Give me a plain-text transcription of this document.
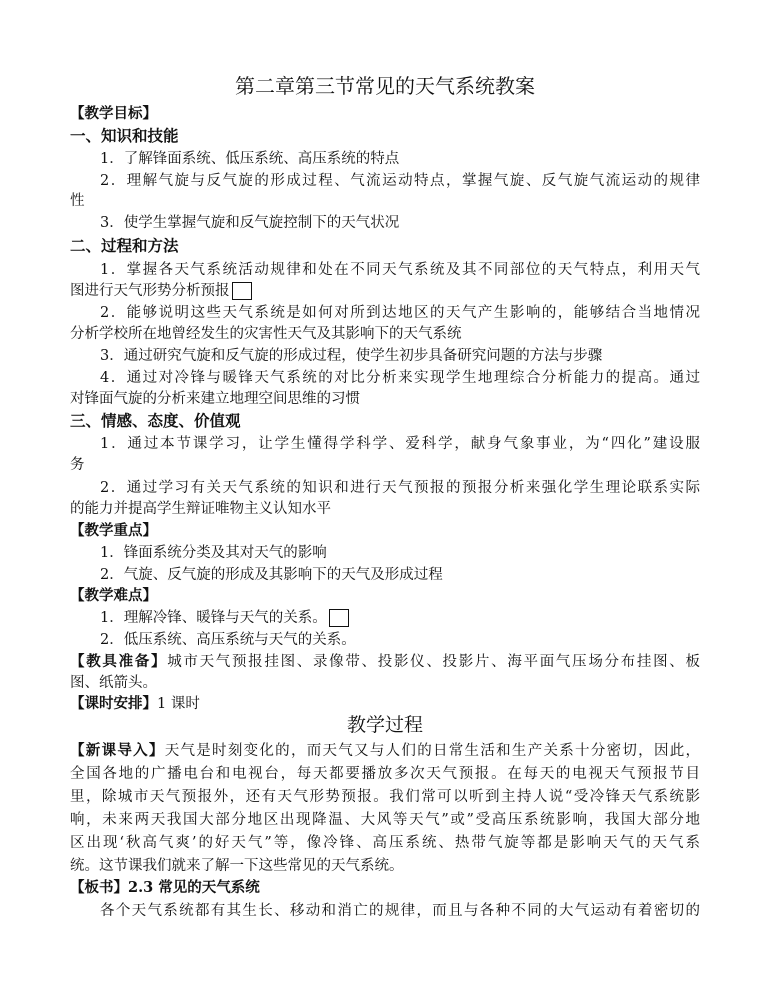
第二章第三节常见的天气系统教案
【教学目标】
一、知识和技能
1．了解锋面系统、低压系统、高压系统的特点
2．理解气旋与反气旋的形成过程、气流运动特点，掌握气旋、反气旋气流运动的规律
性
3．使学生掌握气旋和反气旋控制下的天气状况
二、过程和方法
1．掌握各天气系统活动规律和处在不同天气系统及其不同部位的天气特点，利用天气
图进行天气形势分析预报
2．能够说明这些天气系统是如何对所到达地区的天气产生影响的，能够结合当地情况
分析学校所在地曾经发生的灾害性天气及其影响下的天气系统
3．通过研究气旋和反气旋的形成过程，使学生初步具备研究问题的方法与步骤
4．通过对冷锋与暖锋天气系统的对比分析来实现学生地理综合分析能力的提高。通过
对锋面气旋的分析来建立地理空间思维的习惯
三、情感、态度、价值观
1．通过本节课学习，让学生懂得学科学、爱科学，献身气象事业，为“四化”建设服
务
2．通过学习有关天气系统的知识和进行天气预报的预报分析来强化学生理论联系实际
的能力并提高学生辩证唯物主义认知水平
【教学重点】
1．锋面系统分类及其对天气的影响
2．气旋、反气旋的形成及其影响下的天气及形成过程
【教学难点】
1．理解冷锋、暖锋与天气的关系。
2．低压系统、高压系统与天气的关系。
【教具准备】城市天气预报挂图、录像带、投影仪、投影片、海平面气压场分布挂图、板
图、纸箭头。
【课时安排】1 课时
教学过程
【新课导入】天气是时刻变化的，而天气又与人们的日常生活和生产关系十分密切，因此，
全国各地的广播电台和电视台，每天都要播放多次天气预报。在每天的电视天气预报节目
里，除城市天气预报外，还有天气形势预报。我们常可以听到主持人说“受冷锋天气系统影
响，未来两天我国大部分地区出现降温、大风等天气”或”受高压系统影响，我国大部分地
区出现‘秋高气爽’的好天气”等，像冷锋、高压系统、热带气旋等都是影响天气的天气系
统。这节课我们就来了解一下这些常见的天气系统。
【板书】2.3 常见的天气系统
各个天气系统都有其生长、移动和消亡的规律，而且与各种不同的大气运动有着密切的
